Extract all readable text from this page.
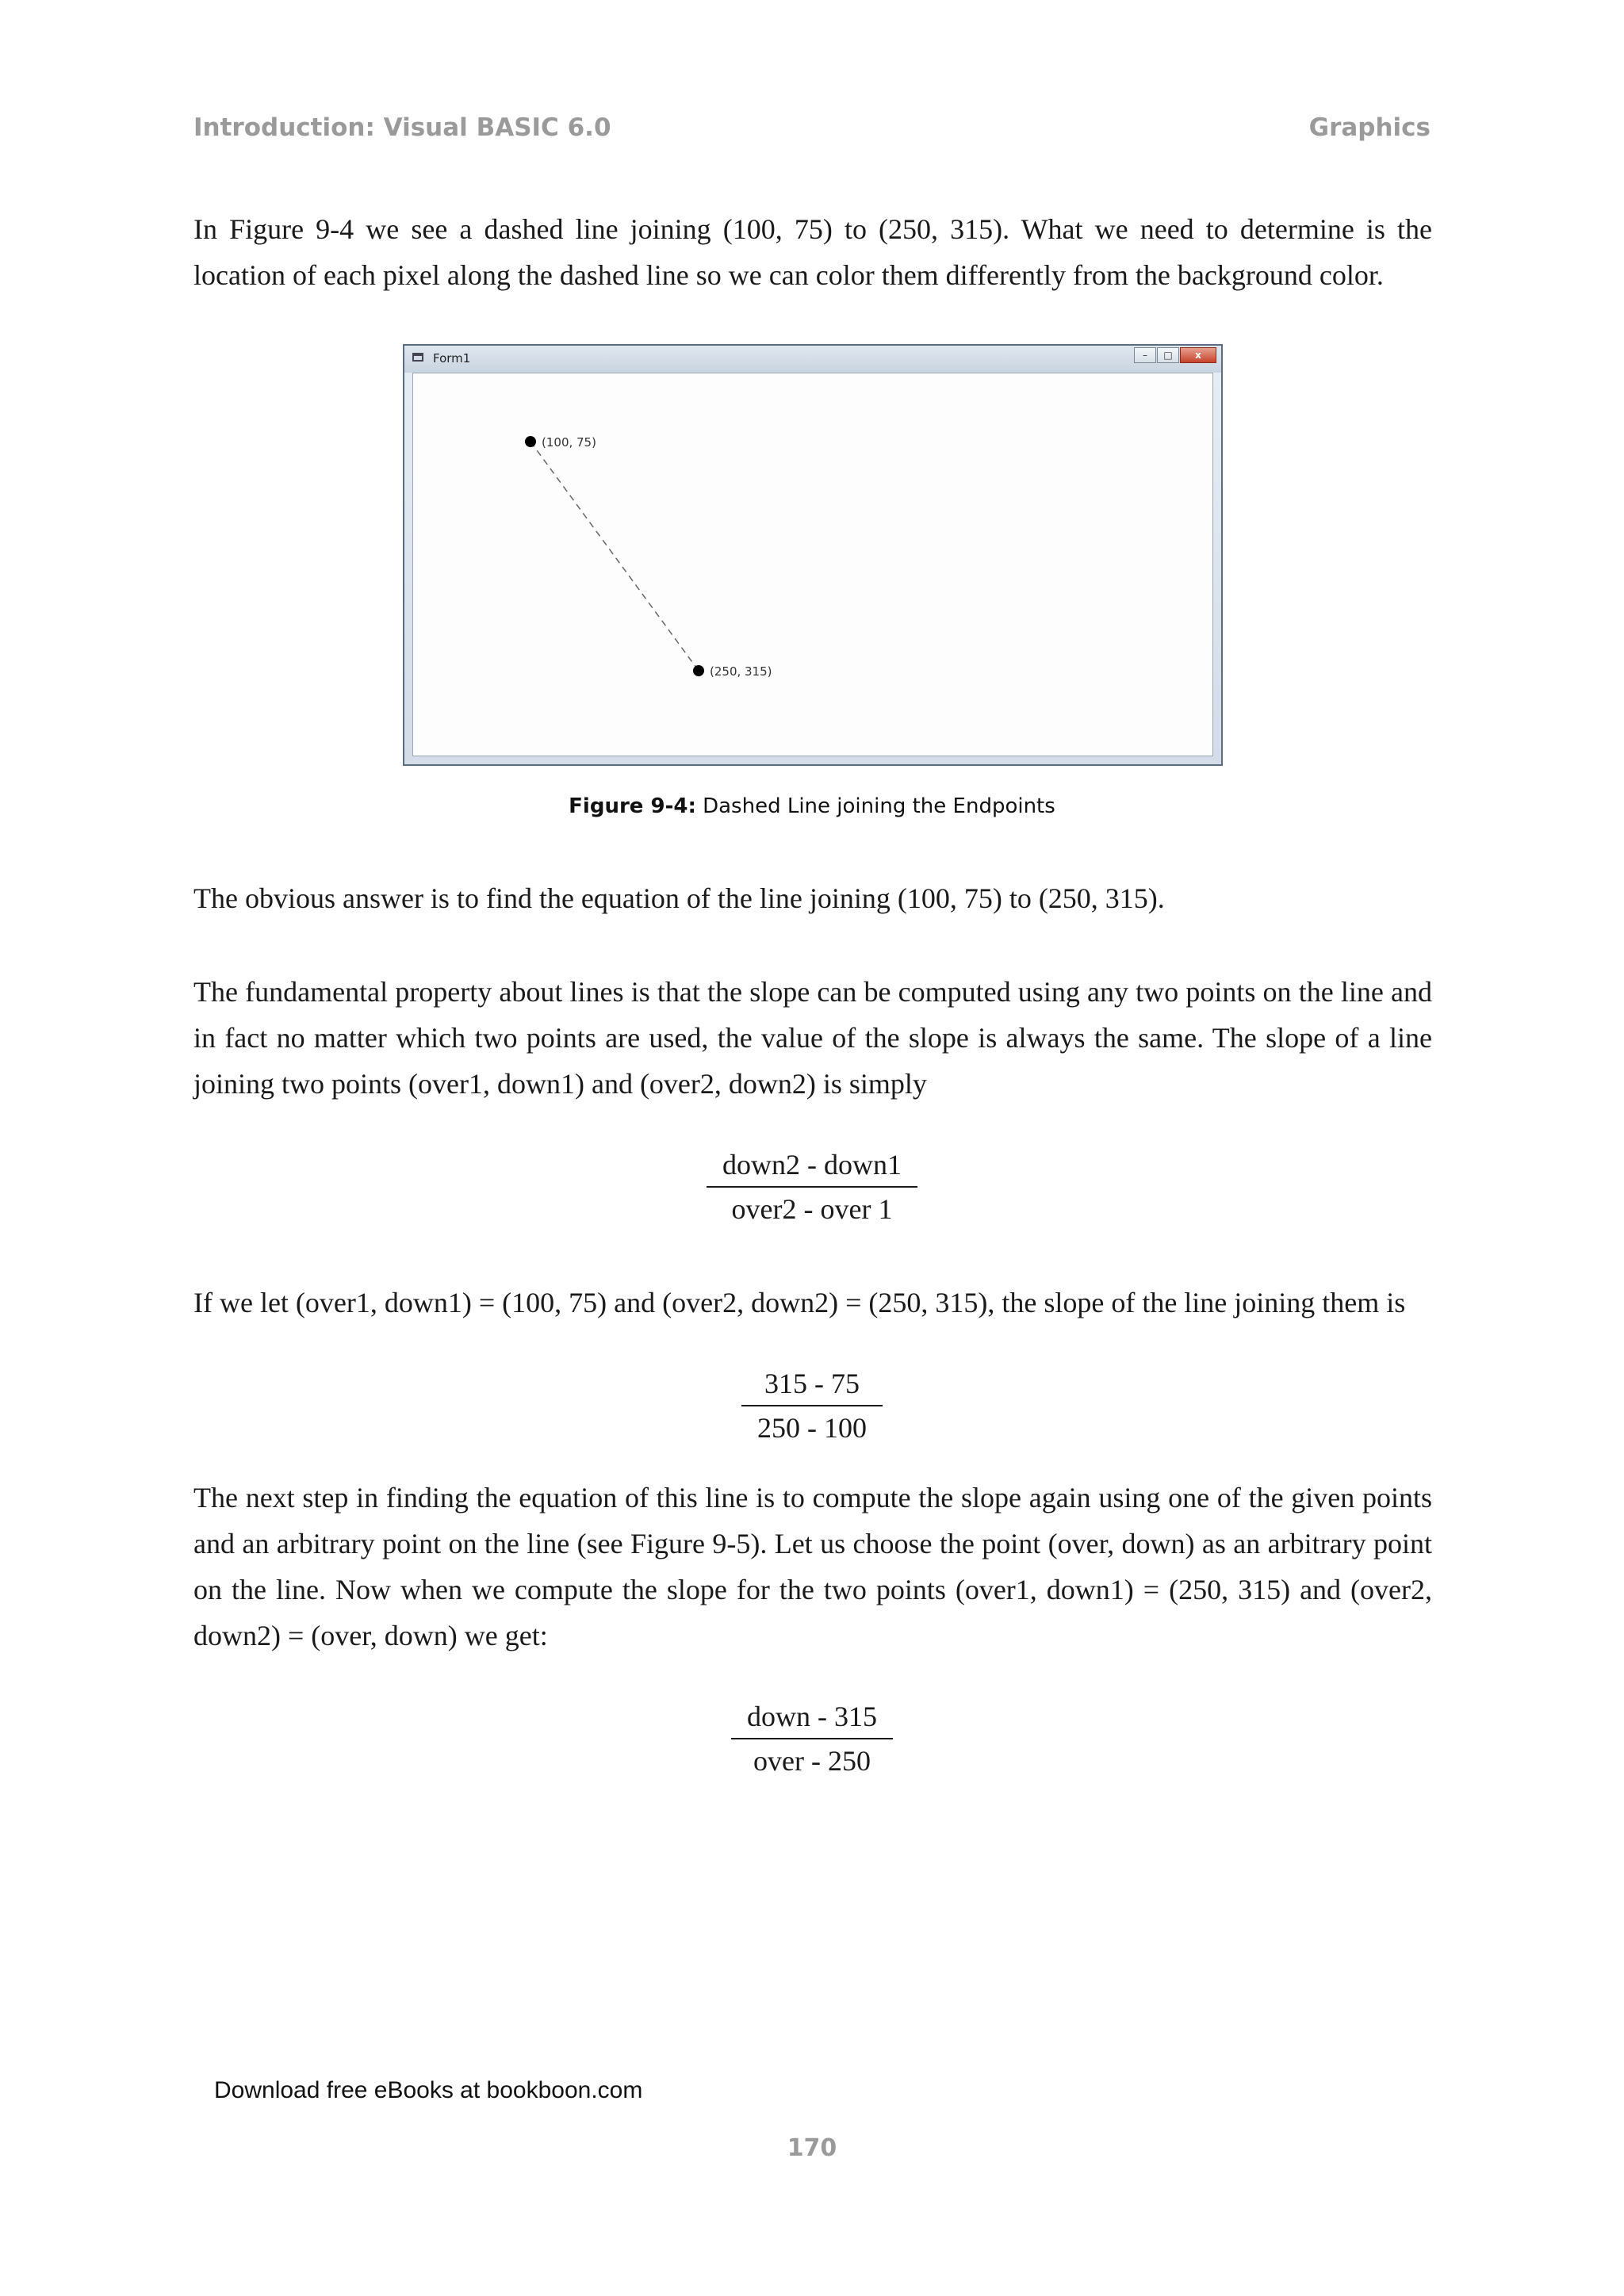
Introduction: Visual BASIC 6.0	Graphics

In Figure 9-4 we see a dashed line joining (100, 75) to (250, 315). What we need to determine is the location of each pixel along the dashed line so we can color them differently from the background color.

Form1	–	□	x
(100, 75)
(250, 315)
Figure 9-4: Dashed Line joining the Endpoints

The obvious answer is to find the equation of the line joining (100, 75) to (250, 315).

The fundamental property about lines is that the slope can be computed using any two points on the line and in fact no matter which two points are used, the value of the slope is always the same. The slope of a line joining two points (over1, down1) and (over2, down2) is simply

$\frac{\text{down2 - down1}}{\text{over2 - over 1}}$

If we let (over1, down1) = (100, 75) and (over2, down2) = (250, 315), the slope of the line joining them is

$\frac{315 - 75}{250 - 100}$

The next step in finding the equation of this line is to compute the slope again using one of the given points and an arbitrary point on the line (see Figure 9-5). Let us choose the point (over, down) as an arbitrary point on the line. Now when we compute the slope for the two points (over1, down1) = (250, 315) and (over2, down2) = (over, down) we get:

$\frac{\text{down - 315}}{\text{over - 250}}$
Download free eBooks at bookboon.com
170
